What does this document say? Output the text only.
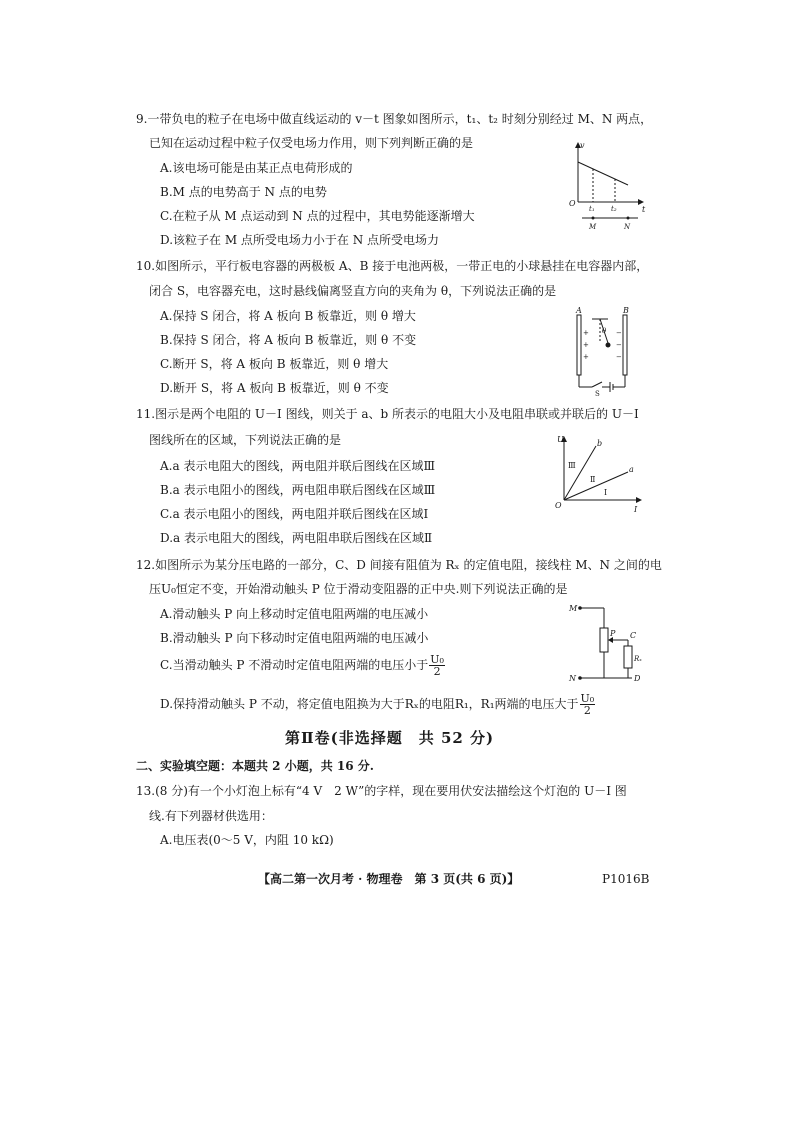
9.一带负电的粒子在电场中做直线运动的 v－t 图象如图所示，t₁、t₂ 时刻分别经过 M、N 两点，
已知在运动过程中粒子仅受电场力作用，则下列判断正确的是
A.该电场可能是由某正点电荷形成的
B.M 点的电势高于 N 点的电势
C.在粒子从 M 点运动到 N 点的过程中，其电势能逐渐增大
D.该粒子在 M 点所受电场力小于在 N 点所受电场力
v
t
O
t₁ t₂
M	N
10.如图所示，平行板电容器的两极板 A、B 接于电池两极，一带正电的小球悬挂在电容器内部，
闭合 S，电容器充电，这时悬线偏离竖直方向的夹角为 θ，下列说法正确的是
A.保持 S 闭合，将 A 板向 B 板靠近，则 θ 增大
B.保持 S 闭合，将 A 板向 B 板靠近，则 θ 不变
C.断开 S，将 A 板向 B 板靠近，则 θ 增大
D.断开 S，将 A 板向 B 板靠近，则 θ 不变
A	B
θ
S
+
+
+
−
−
−
11.图示是两个电阻的 U－I 图线，则关于 a、b 所表示的电阻大小及电阻串联或并联后的 U－I
图线所在的区域，下列说法正确的是
A.a 表示电阻大的图线，两电阻并联后图线在区域Ⅲ
B.a 表示电阻小的图线，两电阻串联后图线在区域Ⅲ
C.a 表示电阻小的图线，两电阻并联后图线在区域Ⅰ
D.a 表示电阻大的图线，两电阻串联后图线在区域Ⅱ
U
I
O
b
a
Ⅲ
Ⅱ
Ⅰ
12.如图所示为某分压电路的一部分，C、D 间接有阻值为 Rₓ 的定值电阻，接线柱 M、N 之间的电
压U₀恒定不变，开始滑动触头 P 位于滑动变阻器的正中央.则下列说法正确的是
A.滑动触头 P 向上移动时定值电阻两端的电压减小
B.滑动触头 P 向下移动时定值电阻两端的电压减小
C.当滑动触头 P 不滑动时定值电阻两端的电压小于 $\frac{\text{U₀}}{2}$
D.保持滑动触头 P 不动，将定值电阻换为大于Rₓ的电阻R₁，R₁两端的电压大于 $\frac{\text{U₀}}{2}$
M
N
P C
D
Rₓ
第Ⅱ卷(非选择题　共 52 分)
二、实验填空题：本题共 2 小题，共 16 分.
13.(8 分)有一个小灯泡上标有“4 V　2 W”的字样，现在要用伏安法描绘这个灯泡的 U－I 图
线.有下列器材供选用：
A.电压表(0～5 V，内阻 10 kΩ)
【高二第一次月考 · 物理卷　第 3 页(共 6 页)】	P1016B
